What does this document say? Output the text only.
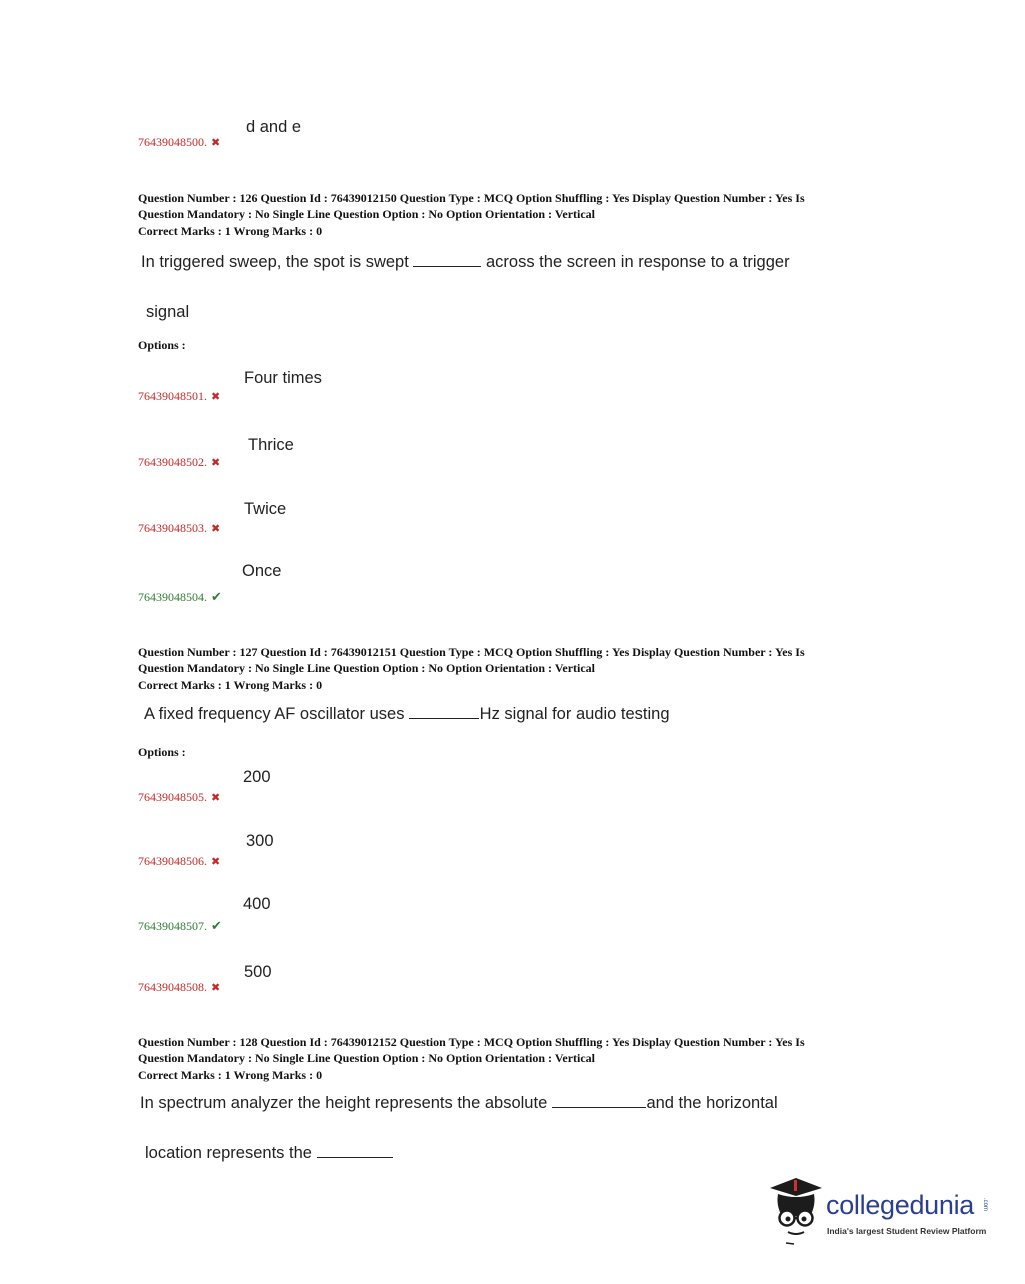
d and e
76439048500. ✖
Question Number : 126 Question Id : 76439012150 Question Type : MCQ Option Shuffling : Yes Display Question Number : Yes Is
Question Mandatory : No Single Line Question Option : No Option Orientation : Vertical
Correct Marks : 1 Wrong Marks : 0
In triggered sweep, the spot is swept	across the screen in response to a trigger
signal
Options :
Four times
76439048501. ✖
Thrice
76439048502. ✖
Twice
76439048503. ✖
Once
76439048504. ✔
Question Number : 127 Question Id : 76439012151 Question Type : MCQ Option Shuffling : Yes Display Question Number : Yes Is
Question Mandatory : No Single Line Question Option : No Option Orientation : Vertical
Correct Marks : 1 Wrong Marks : 0
A fixed frequency AF oscillator uses	Hz signal for audio testing
Options :
200
76439048505. ✖
300
76439048506. ✖
400
76439048507. ✔
500
76439048508. ✖
Question Number : 128 Question Id : 76439012152 Question Type : MCQ Option Shuffling : Yes Display Question Number : Yes Is
Question Mandatory : No Single Line Question Option : No Option Orientation : Vertical
Correct Marks : 1 Wrong Marks : 0
In spectrum analyzer the height represents the absolute	and the horizontal
location represents the
collegedunia .com
India's largest Student Review Platform
